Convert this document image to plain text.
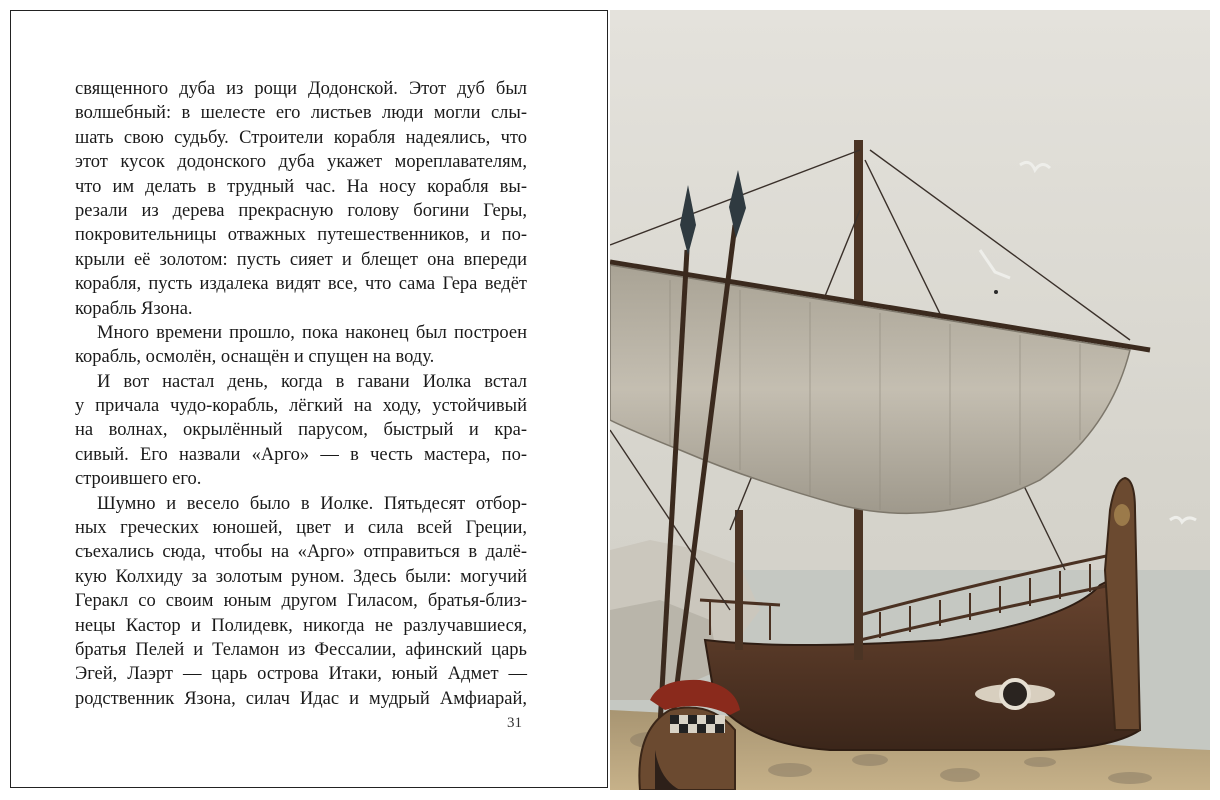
священного дуба из рощи Додонской. Этот дуб был
волшебный: в шелесте его листьев люди могли слы-
шать свою судьбу. Строители корабля надеялись, что
этот кусок додонского дуба укажет мореплавателям,
что им делать в трудный час. На носу корабля вы-
резали из дерева прекрасную голову богини Геры,
покровительницы отважных путешественников, и по-
крыли её золотом: пусть сияет и блещет она впереди
корабля, пусть издалека видят все, что сама Гера ведёт
корабль Язона.
Много времени прошло, пока наконец был построен
корабль, осмолён, оснащён и спущен на воду.
И вот настал день, когда в гавани Иолка встал
у причала чудо-корабль, лёгкий на ходу, устойчивый
на волнах, окрылённый парусом, быстрый и кра-
сивый. Его назвали «Арго» — в честь мастера, по-
строившего его.
Шумно и весело было в Иолке. Пятьдесят отбор-
ных греческих юношей, цвет и сила всей Греции,
съехались сюда, чтобы на «Арго» отправиться в далё-
кую Колхиду за золотым руном. Здесь были: могучий
Геракл со своим юным другом Гиласом, братья-близ-
нецы Кастор и Полидевк, никогда не разлучавшиеся,
братья Пелей и Теламон из Фессалии, афинский царь
Эгей, Лаэрт — царь острова Итаки, юный Адмет —
родственник Язона, силач Идас и мудрый Амфиарай,
31
